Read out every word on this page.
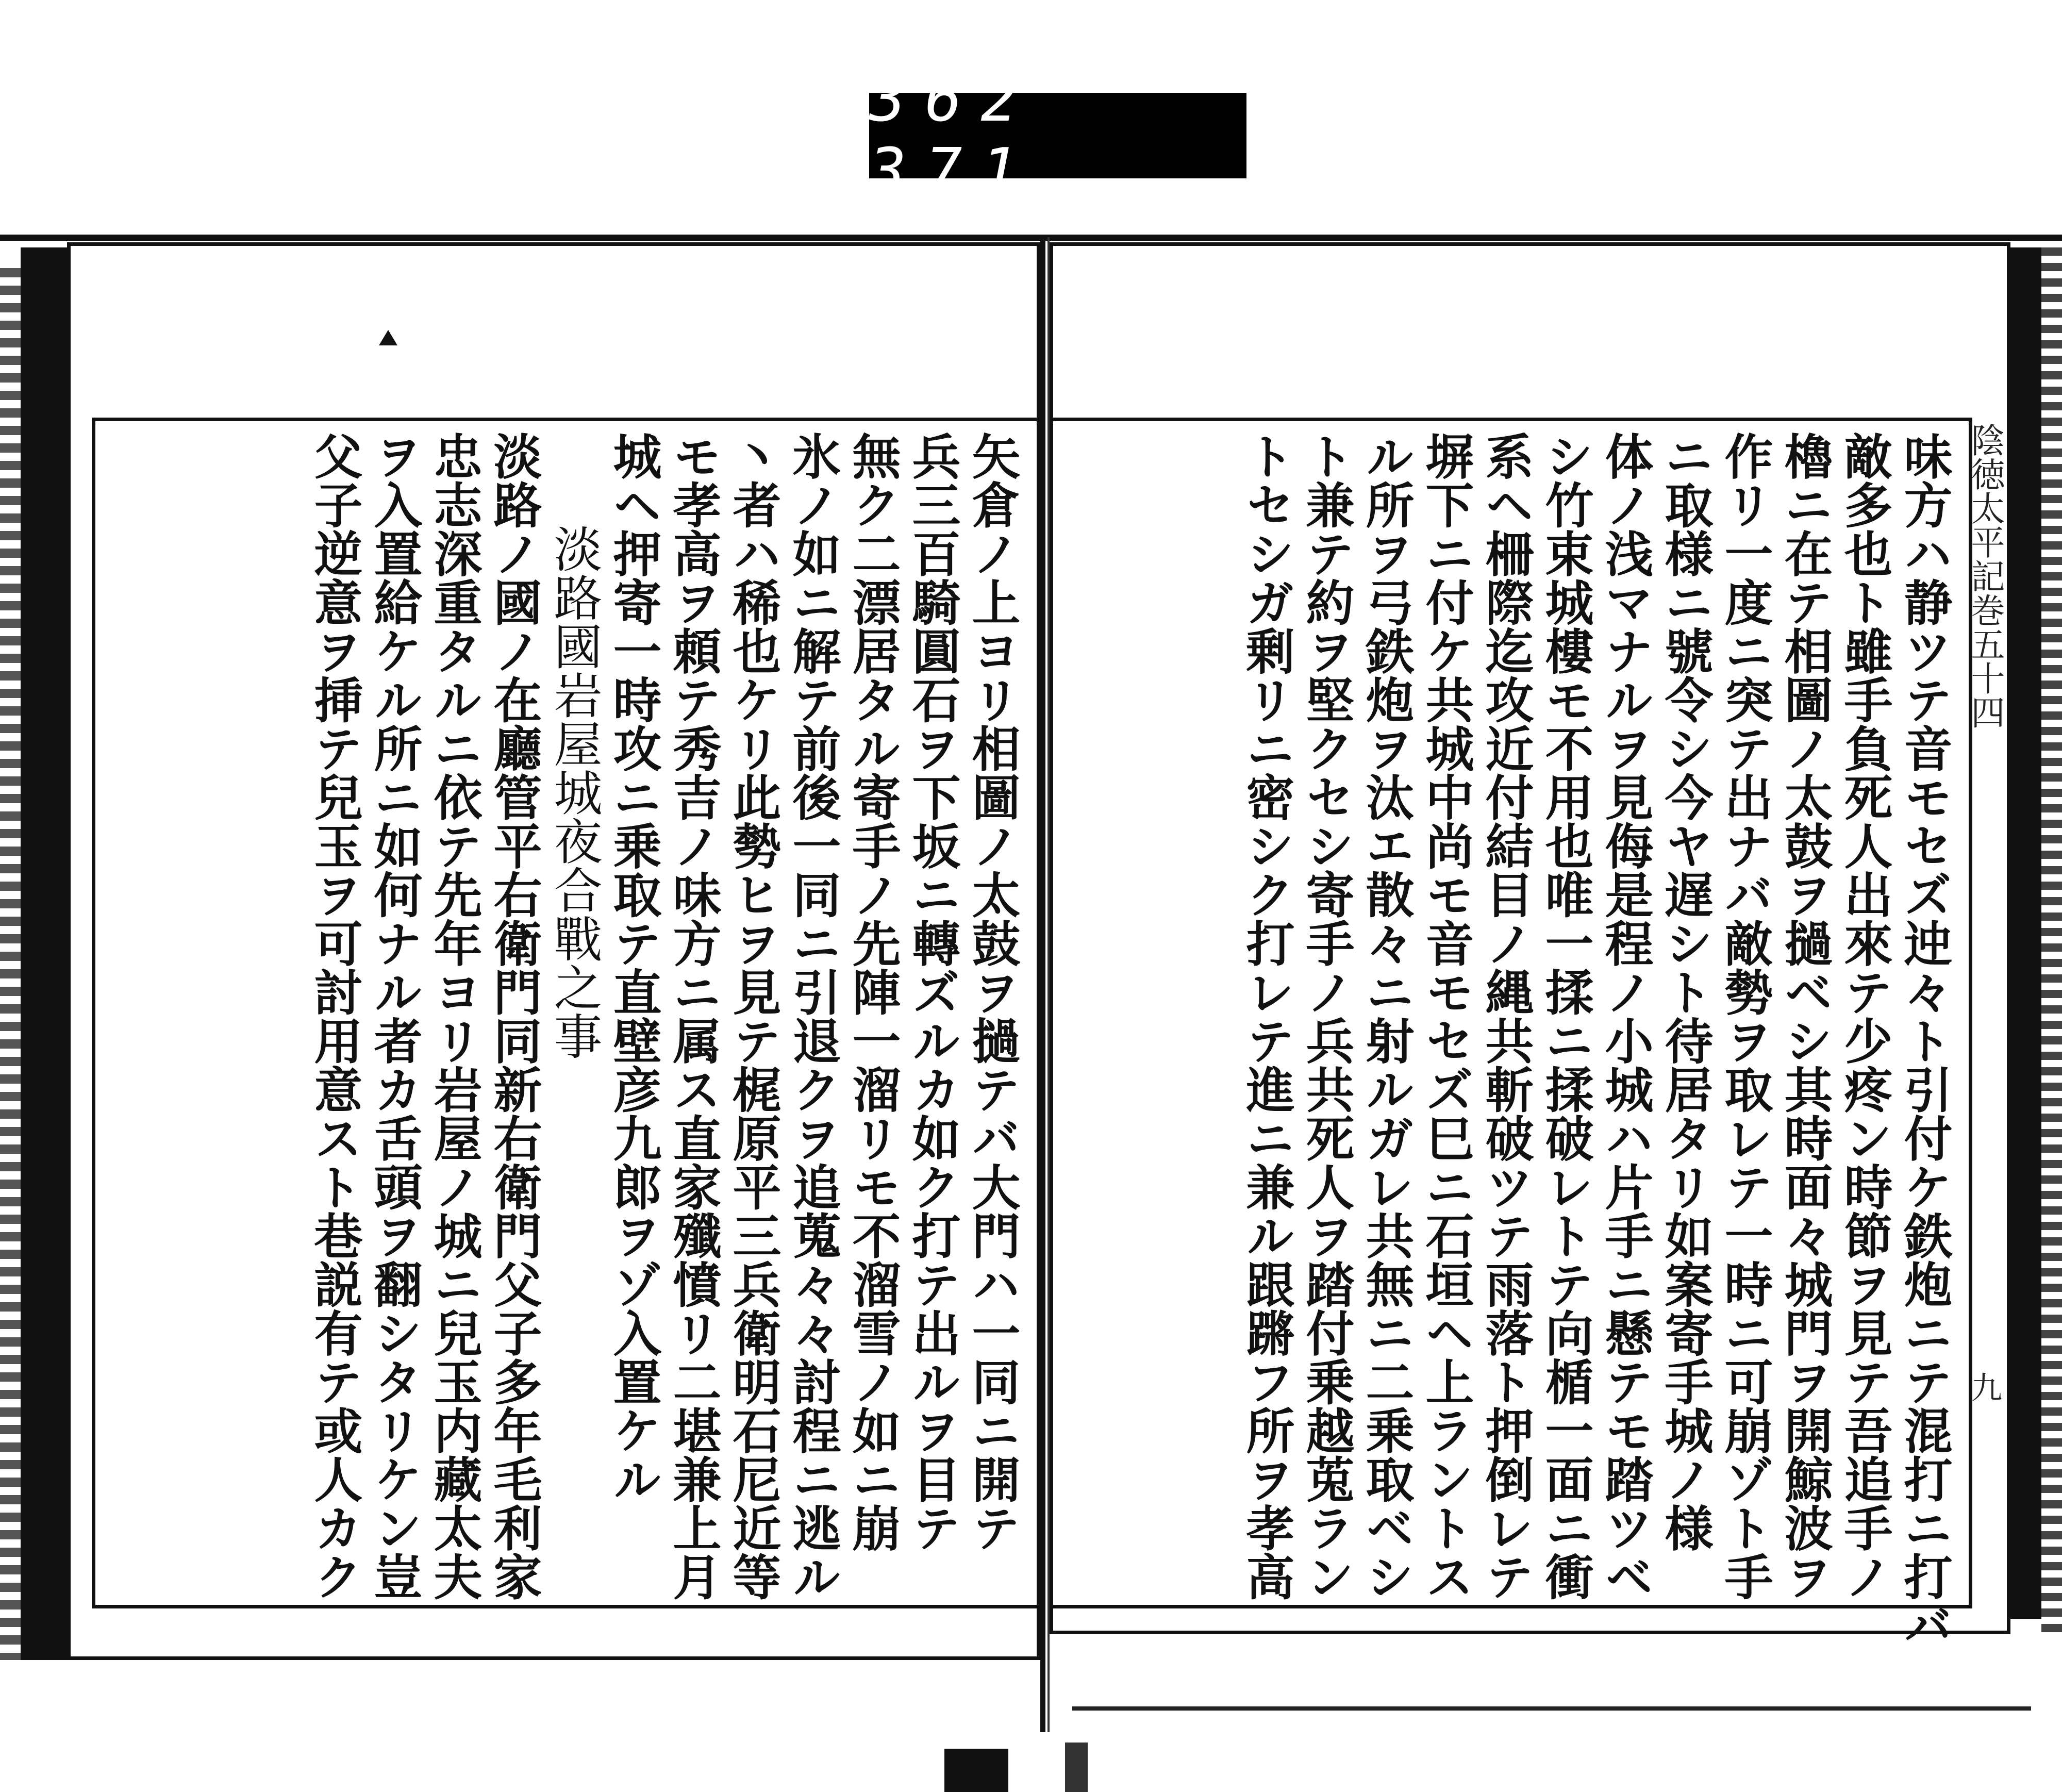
362 371.
味方ハ静ツテ音モセズ迚々ト引付ケ鉄炮ニテ混打ニ打バ
敵多也ト雖手負死人出來テ少疼ン時節ヲ見テ吾追手ノ
櫓ニ在テ相圖ノ太鼓ヲ撾ベシ其時面々城門ヲ開鯨波ヲ
作リ一度ニ突テ出ナバ敵勢ヲ取レテ一時ニ可崩ゾト手
ニ取様ニ號令シ今ヤ遅シト待居タリ如案寄手城ノ様
体ノ浅マナルヲ見侮是程ノ小城ハ片手ニ懸テモ踏ツベ
シ竹束城樓モ不用也唯一揉ニ揉破レトテ向楯一面ニ衝
系ヘ柵際迄攻近付結目ノ縄共斬破ツテ雨落ト押倒レテ
塀下ニ付ケ共城中尚モ音モセズ巳ニ石垣ヘ上ラントス
ル所ヲ弓鉄炮ヲ汰エ散々ニ射ルガレ共無ニ二乗取ベシ
ト兼テ約ヲ堅クセシ寄手ノ兵共死人ヲ踏付乗越莵ラン
トセシガ剰リニ密シク打レテ進ニ兼ル跟蹡フ所ヲ孝高
矢倉ノ上ヨリ相圖ノ太鼓ヲ撾テバ大門ハ一同ニ開テ
兵三百騎圓石ヲ下坂ニ轉ズルカ如ク打テ出ルヲ目テ
無ク二漂居タル寄手ノ先陣一溜リモ不溜雪ノ如ニ崩
氷ノ如ニ解テ前後一同ニ引退クヲ追蒐々々討程ニ逃ル
丶者ハ稀也ケリ此勢ヒヲ見テ梶原平三兵衛明石尼近等
モ孝高ヲ頼テ秀吉ノ味方ニ属ス直家殲憤リ二堪兼上月
城ヘ押寄一時攻ニ乗取テ直壁彦九郎ヲゾ入置ケル
淡路國岩屋城夜合戰之事
淡路ノ國ノ在廳管平右衛門同新右衛門父子多年毛利家
忠志深重タルニ依テ先年ヨリ岩屋ノ城ニ兒玉内藏太夫
ヲ入置給ケル所ニ如何ナル者カ舌頭ヲ翻シタリケン豈
父子逆意ヲ挿テ兒玉ヲ可討用意スト巷説有テ或人カク	陰徳太平記巻五十四
九
